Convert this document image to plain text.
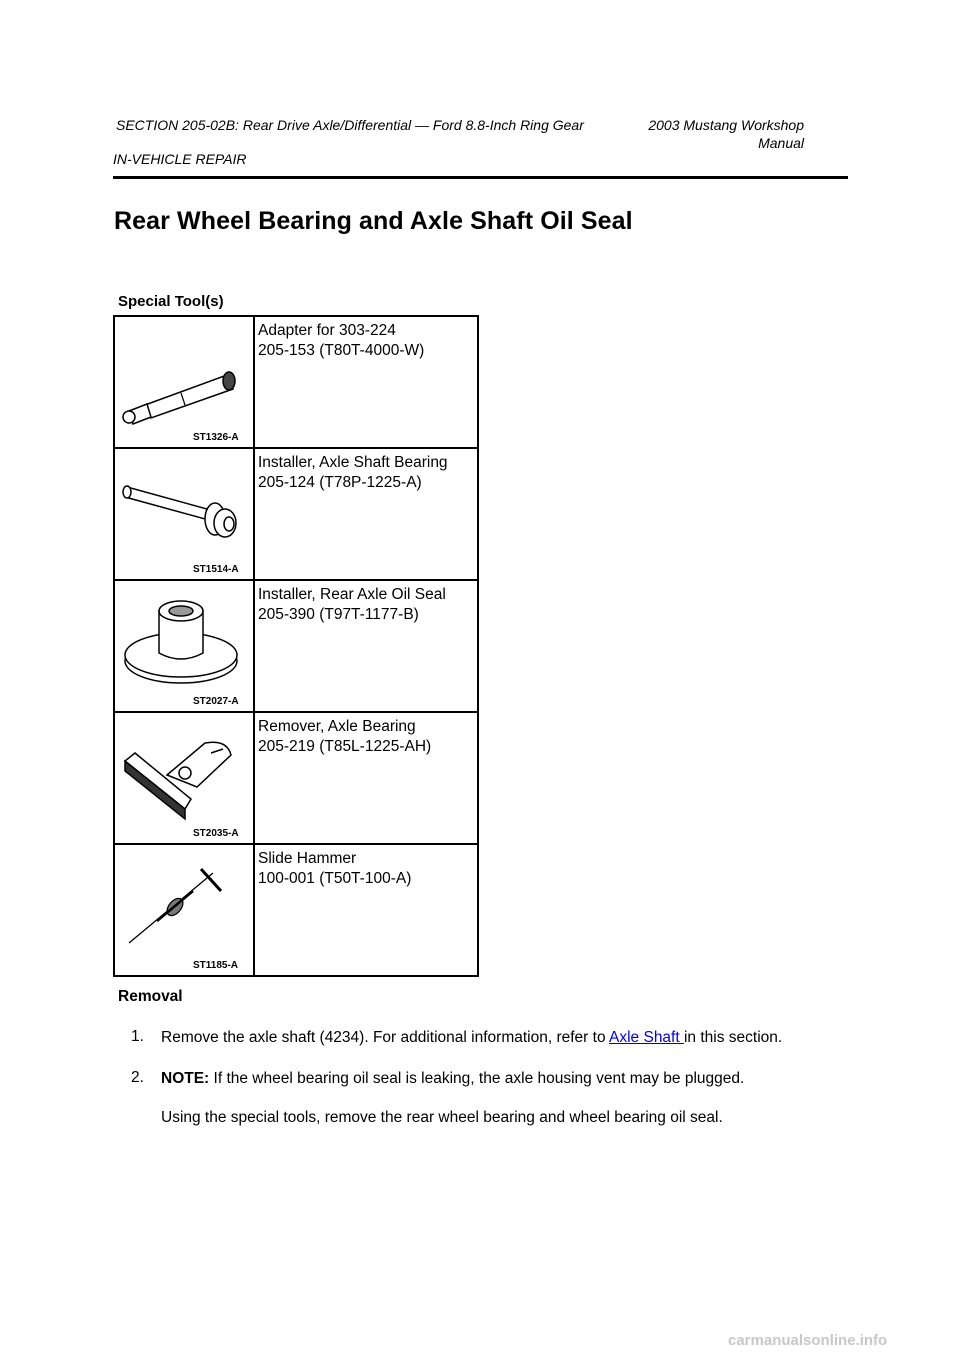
SECTION 205-02B: Rear Drive Axle/Differential — Ford 8.8-Inch Ring Gear	2003 Mustang Workshop Manual
IN-VEHICLE REPAIR
Rear Wheel Bearing and Axle Shaft Oil Seal
Special Tool(s)
ST1326-A	Adapter for 303-224
205-153 (T80T-4000-W)

ST1514-A	Installer, Axle Shaft Bearing
205-124 (T78P-1225-A)

ST2027-A	Installer, Rear Axle Oil Seal
205-390 (T97T-1177-B)

ST2035-A	Remover, Axle Bearing
205-219 (T85L-1225-AH)

ST1185-A	Slide Hammer
100-001 (T50T-100-A)
Removal
1. Remove the axle shaft (4234). For additional information, refer to Axle Shaft in this section.
2. NOTE: If the wheel bearing oil seal is leaking, the axle housing vent may be plugged.
Using the special tools, remove the rear wheel bearing and wheel bearing oil seal.
carmanualsonline.info
